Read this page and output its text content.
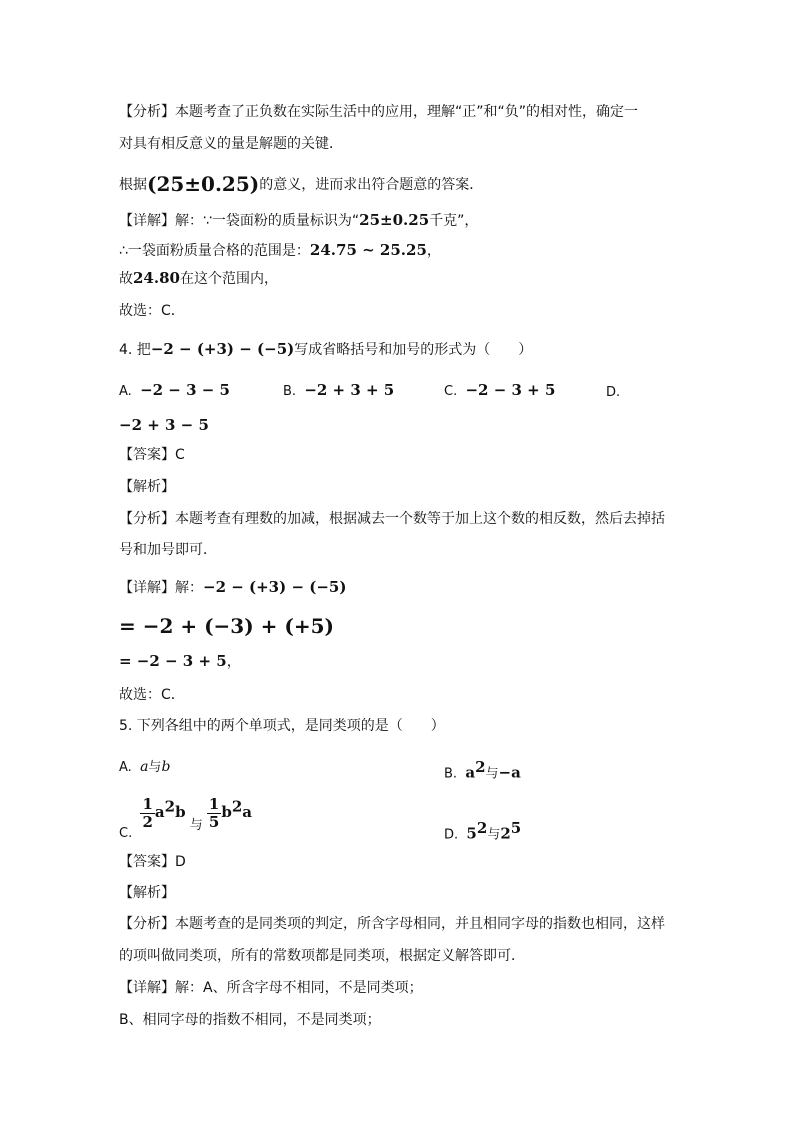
【分析】本题考查了正负数在实际生活中的应用，理解“正”和“负”的相对性，确定一
对具有相反意义的量是解题的关键．
根据(25±0.25)的意义，进而求出符合题意的答案．
【详解】解：∵一袋面粉的质量标识为“25±0.25千克”，
∴一袋面粉质量合格的范围是：24.75 ~ 25.25，
故24.80在这个范围内，
故选：C．
4. 把−2 − (+3) − (−5)写成省略括号和加号的形式为（　　）
A. −2 − 3 − 5	B. −2 + 3 + 5	C. −2 − 3 + 5	D.
−2 + 3 − 5
【答案】C
【解析】
【分析】本题考查有理数的加减，根据减去一个数等于加上这个数的相反数，然后去掉括
号和加号即可．
【详解】解：−2 − (+3) − (−5)
= −2 + (−3) + (+5)
= −2 − 3 + 5，
故选：C．
5. 下列各组中的两个单项式，是同类项的是（　　）
A. a与b	B. $a^2$与−a
C.
$\frac{1}{2} a^2b$ 与 $\frac{1}{5} b^2a$
D. $5^2$与$2^5$
【答案】D
【解析】
【分析】本题考查的是同类项的判定，所含字母相同，并且相同字母的指数也相同，这样
的项叫做同类项，所有的常数项都是同类项，根据定义解答即可．
【详解】解：A、所含字母不相同，不是同类项；
B、相同字母的指数不相同，不是同类项；
